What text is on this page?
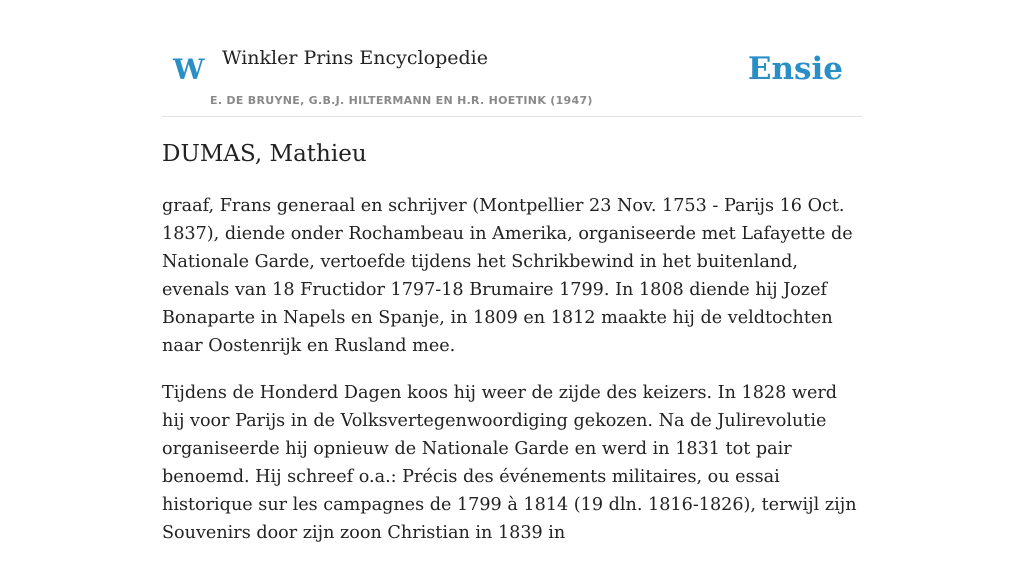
W Winkler Prins Encyclopedie
E. DE BRUYNE, G.B.J. HILTERMANN EN H.R. HOETINK (1947)
Ensie
DUMAS, Mathieu

graaf, Frans generaal en schrijver (Montpellier 23 Nov. 1753 - Parijs 16 Oct. 1837), diende onder Rochambeau in Amerika, organiseerde met Lafayette de Nationale Garde, vertoefde tijdens het Schrikbewind in het buitenland, evenals van 18 Fructidor 1797-18 Brumaire 1799. In 1808 diende hij Jozef Bonaparte in Napels en Spanje, in 1809 en 1812 maakte hij de veldtochten naar Oostenrijk en Rusland mee.

Tijdens de Honderd Dagen koos hij weer de zijde des keizers. In 1828 werd hij voor Parijs in de Volksvertegenwoordiging gekozen. Na de Julirevolutie organiseerde hij opnieuw de Nationale Garde en werd in 1831 tot pair benoemd. Hij schreef o.a.: Précis des événements militaires, ou essai historique sur les campagnes de 1799 à 1814 (19 dln. 1816-1826), terwijl zijn Souvenirs door zijn zoon Christian in 1839 in
